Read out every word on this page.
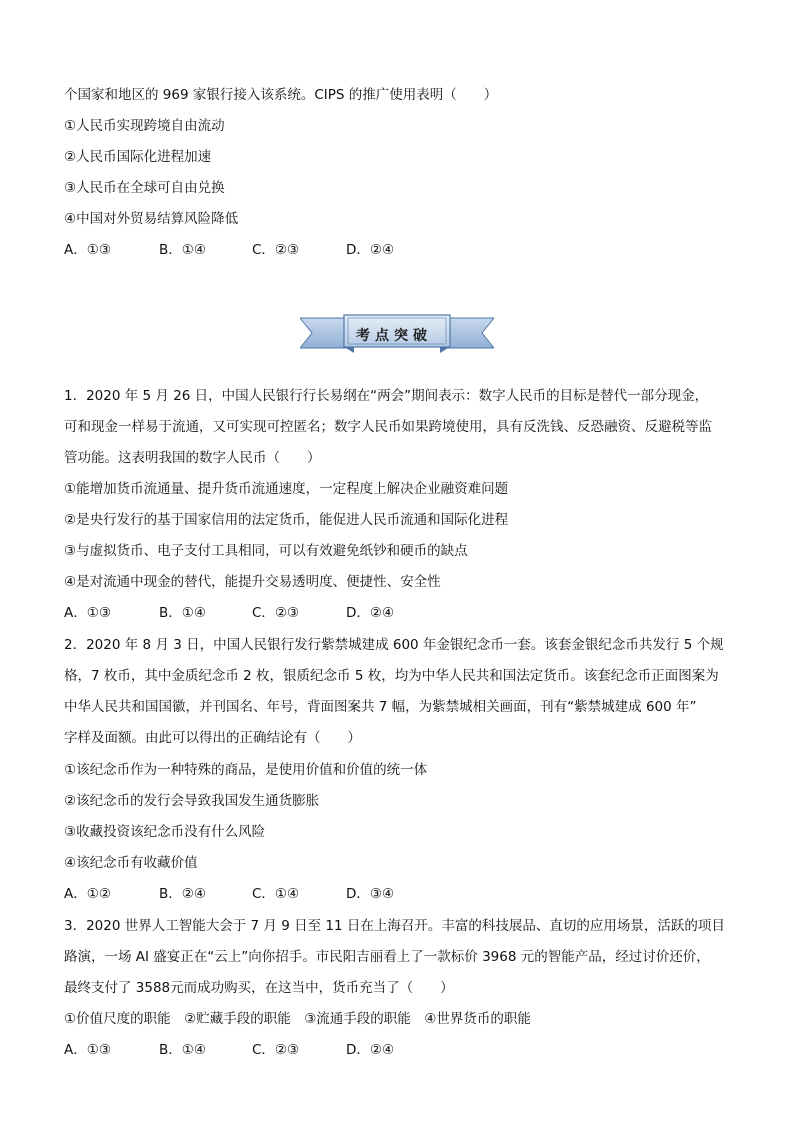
个国家和地区的 969 家银行接入该系统。CIPS 的推广使用表明（　　）
①人民币实现跨境自由流动
②人民币国际化进程加速
③人民币在全球可自由兑换
④中国对外贸易结算风险降低
A．①③	B．①④	C．②③	D．②④
考点突破
1．2020 年 5 月 26 日，中国人民银行行长易纲在“两会”期间表示：数字人民币的目标是替代一部分现金，
可和现金一样易于流通，又可实现可控匿名；数字人民币如果跨境使用，具有反洗钱、反恐融资、反避税等监
管功能。这表明我国的数字人民币（　　）
①能增加货币流通量、提升货币流通速度，一定程度上解决企业融资难问题
②是央行发行的基于国家信用的法定货币，能促进人民币流通和国际化进程
③与虚拟货币、电子支付工具相同，可以有效避免纸钞和硬币的缺点
④是对流通中现金的替代，能提升交易透明度、便捷性、安全性
A．①③	B．①④	C．②③	D．②④
2．2020 年 8 月 3 日，中国人民银行发行紫禁城建成 600 年金银纪念币一套。该套金银纪念币共发行 5 个规
格，7 枚币，其中金质纪念币 2 枚，银质纪念币 5 枚，均为中华人民共和国法定货币。该套纪念币正面图案为
中华人民共和国国徽，并刊国名、年号，背面图案共 7 幅，为紫禁城相关画面，刊有“紫禁城建成 600 年”
字样及面额。由此可以得出的正确结论有（　　）
①该纪念币作为一种特殊的商品，是使用价值和价值的统一体
②该纪念币的发行会导致我国发生通货膨胀
③收藏投资该纪念币没有什么风险
④该纪念币有收藏价值
A．①②	B．②④	C．①④	D．③④
3．2020 世界人工智能大会于 7 月 9 日至 11 日在上海召开。丰富的科技展品、直切的应用场景，活跃的项目
路演，一场 AI 盛宴正在“云上”向你招手。市民阳吉丽看上了一款标价 3968 元的智能产品，经过讨价还价，
最终支付了 3588元而成功购买，在这当中，货币充当了（　　）
①价值尺度的职能　②贮藏手段的职能　③流通手段的职能　④世界货币的职能
A．①③	B．①④	C．②③	D．②④
